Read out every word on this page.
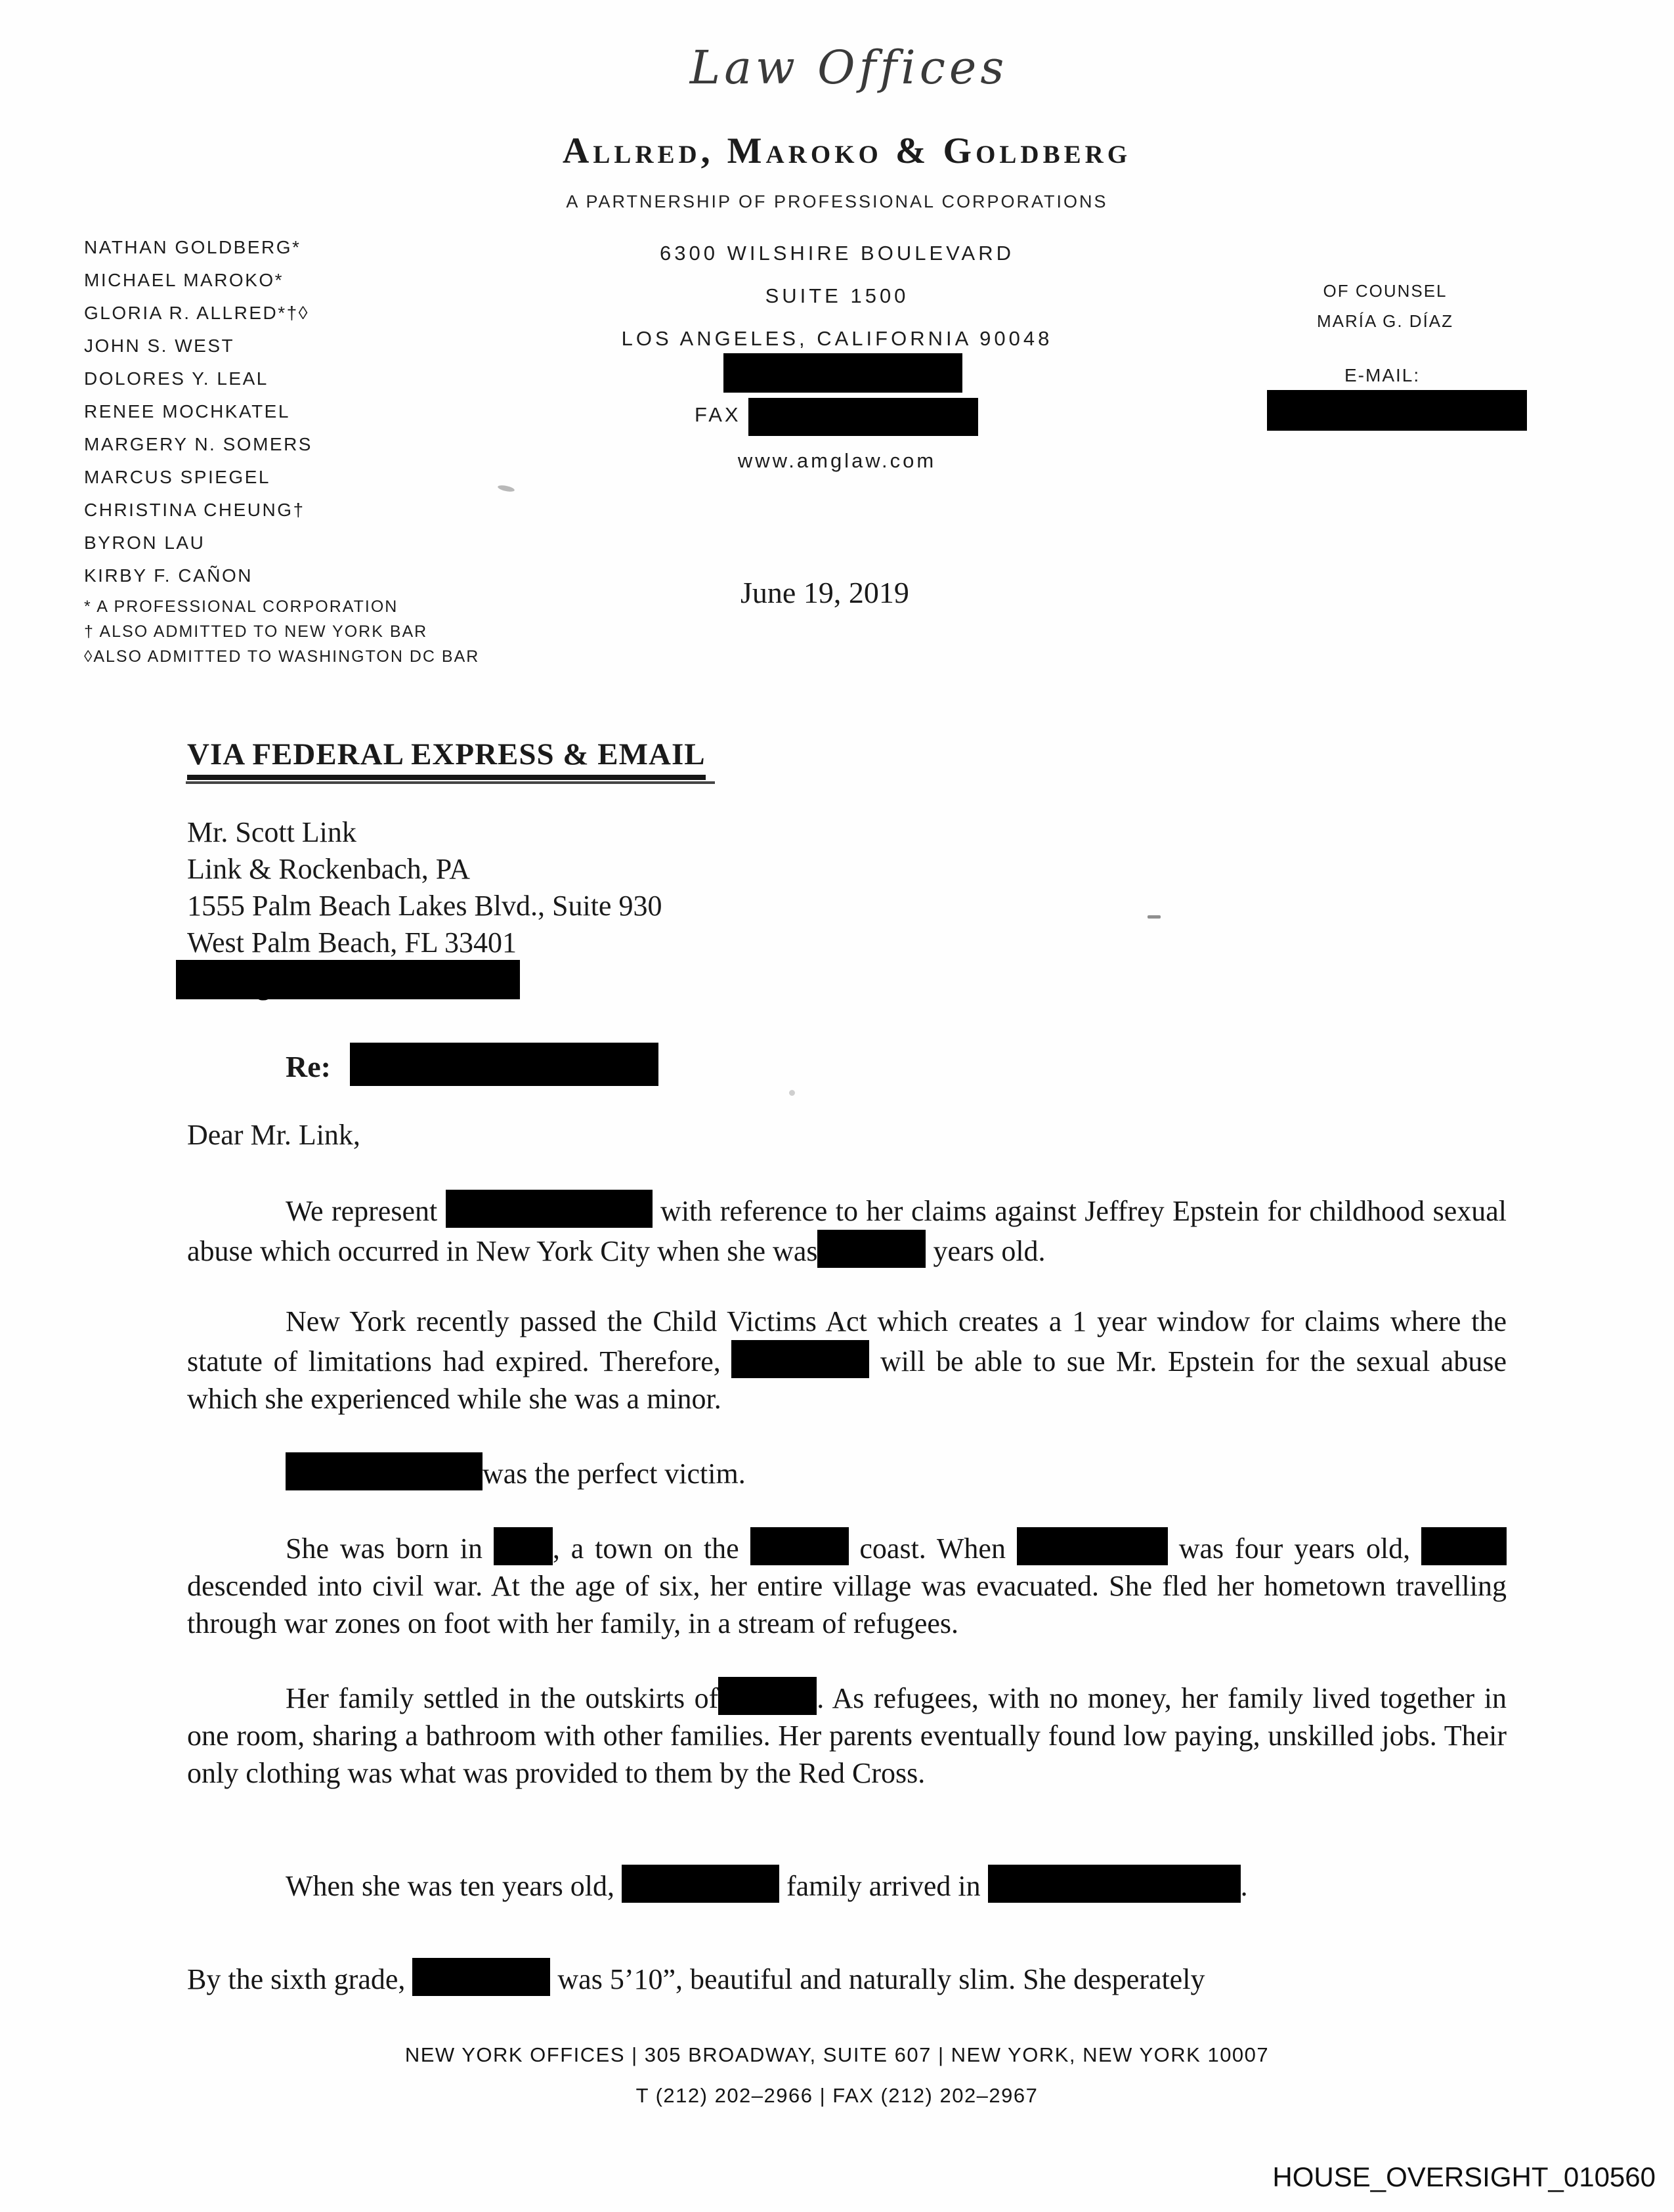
Law Offices
Allred, Maroko & Goldberg
A PARTNERSHIP OF PROFESSIONAL CORPORATIONS
NATHAN GOLDBERG*
MICHAEL MAROKO*
GLORIA R. ALLRED*†◊
JOHN S. WEST
DOLORES Y. LEAL
RENEE MOCHKATEL
MARGERY N. SOMERS
MARCUS SPIEGEL
CHRISTINA CHEUNG†
BYRON LAU
KIRBY F. CAÑON
* A PROFESSIONAL CORPORATION
† ALSO ADMITTED TO NEW YORK BAR
◊ALSO ADMITTED TO WASHINGTON DC BAR
6300 WILSHIRE BOULEVARD
SUITE 1500
LOS ANGELES, CALIFORNIA 90048
FAX
www.amglaw.com
OF COUNSEL
MARÍA G. DÍAZ
E-MAIL:
June 19, 2019
VIA FEDERAL EXPRESS & EMAIL
Mr. Scott Link
Link & Rockenbach, PA
1555 Palm Beach Lakes Blvd., Suite 930
West Palm Beach, FL 33401
Re:
Dear Mr. Link,
We represent	with reference to her claims against Jeffrey Epstein for childhood sexual abuse which occurred in New York City when she was	years old.
New York recently passed the Child Victims Act which creates a 1 year window for claims where the statute of limitations had expired. Therefore,	will be able to sue Mr. Epstein for the sexual abuse which she experienced while she was a minor.
was the perfect victim.
She was born in , a town on the	coast. When	was four years old,  descended into civil war. At the age of six, her entire village was evacuated. She fled her hometown travelling through war zones on foot with her family, in a stream of refugees.
Her family settled in the outskirts of	. As refugees, with no money, her family lived together in one room, sharing a bathroom with other families. Her parents eventually found low paying, unskilled jobs. Their only clothing was what was provided to them by the Red Cross.
When she was ten years old,	family arrived in	.
By the sixth grade,	was 5’10”, beautiful and naturally slim. She desperately
NEW YORK OFFICES | 305 BROADWAY, SUITE 607 | NEW YORK, NEW YORK 10007
T (212) 202–2966 | FAX (212) 202–2967
HOUSE_OVERSIGHT_010560
